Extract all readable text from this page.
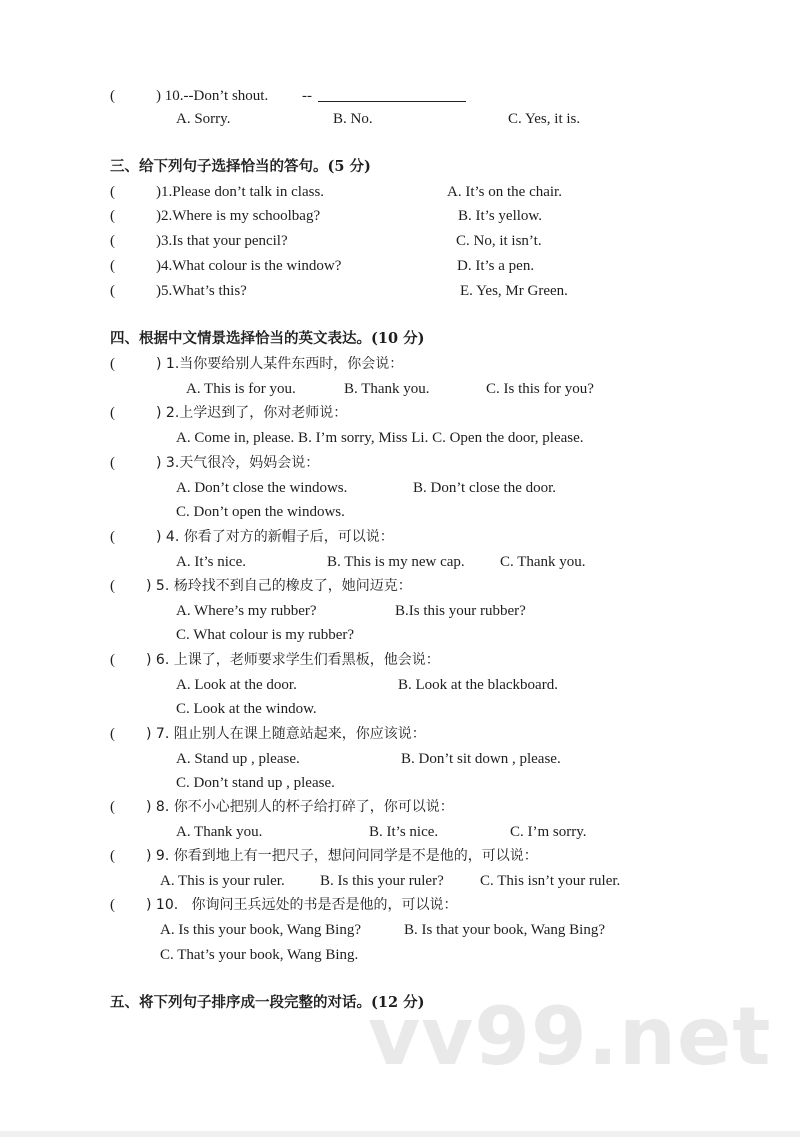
(	) 10.--Don’t shout. --
A. Sorry.	B. No.	C. Yes, it is.
三、给下列句子选择恰当的答句。(5 分)
(	)1.Please don’t talk in class.	A. It’s on the chair.
(	)2.Where is my schoolbag?	B. It’s yellow.
(	)3.Is that your pencil?	C. No, it isn’t.
(	)4.What colour is the window?	D. It’s a pen.
(	)5.What’s this?	E. Yes, Mr Green.
四、根据中文情景选择恰当的英文表达。(10 分)
(	) 1.当你要给别人某件东西时，你会说：
A. This is for you.	B. Thank you.	C. Is this for you?
(	) 2.上学迟到了，你对老师说：
A. Come in, please. B. I’m sorry, Miss Li. C. Open the door, please.
(	) 3.天气很冷，妈妈会说：
A. Don’t close the windows.	B. Don’t close the door.
C. Don’t open the windows.
(	) 4. 你看了对方的新帽子后，可以说：
A. It’s nice.	B. This is my new cap. C. Thank you.
( ) 5. 杨玲找不到自己的橡皮了，她问迈克：
A. Where’s my rubber?	B.Is this your rubber?
C. What colour is my rubber?
( ) 6. 上课了，老师要求学生们看黑板，他会说：
A. Look at the door.	B. Look at the blackboard.
C. Look at the window.
( ) 7. 阻止别人在课上随意站起来，你应该说：
A. Stand up , please.	B. Don’t sit down , please.
C. Don’t stand up , please.
( ) 8. 你不小心把别人的杯子给打碎了，你可以说：
A. Thank you.	B. It’s nice.	C. I’m sorry.
( ) 9. 你看到地上有一把尺子，想问问同学是不是他的，可以说：
A. This is your ruler. B. Is this your ruler? C. This isn’t your ruler.
( ) 10.   你询问王兵远处的书是否是他的，可以说：
A. Is this your book, Wang Bing?	B. Is that your book, Wang Bing?
C. That’s your book, Wang Bing.
五、将下列句子排序成一段完整的对话。(12 分)
vv99.net
